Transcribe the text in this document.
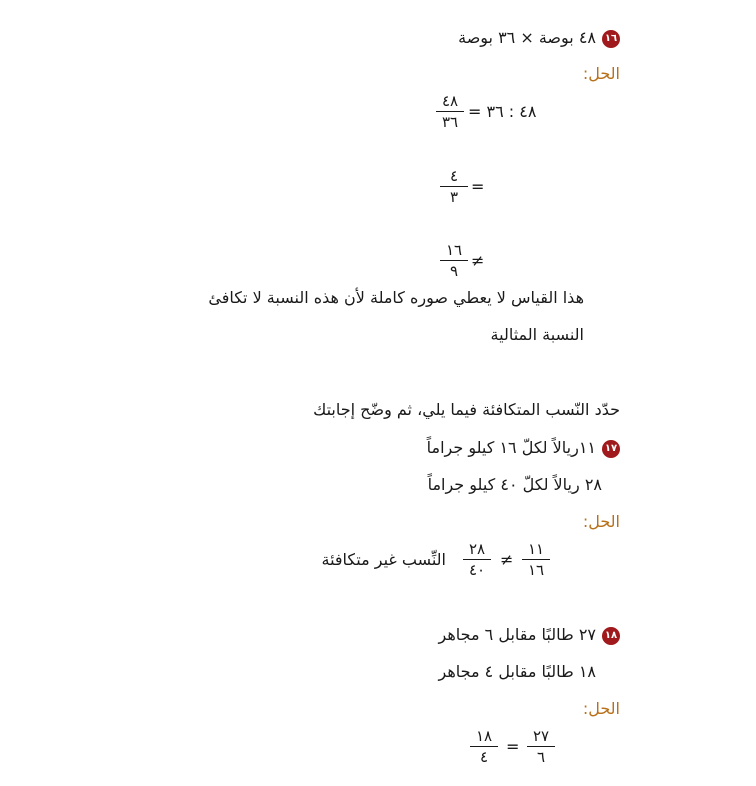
١٦٤٨ بوصة × ٣٦ بوصة
الحل:
٤٨
٣٦
٤٨ : ٣٦ =
٤
٣
=
١٦
٩
≠
هذا القياس لا يعطي صوره كاملة لأن هذه النسبة لا تكافئ
النسبة المثالية
حدّد النّسب المتكافئة فيما يلي، ثم وضّح إجابتك
١٧١١ريالاً لكلّ ١٦ كيلو جراماً
٢٨ ريالاً لكلّ ٤٠ كيلو جراماً
الحل:
١١
١٦
≠
٢٨
٤٠
النِّسب غير متكافئة
١٨٢٧ طالبًا مقابل ٦ مجاهر
١٨ طالبًا مقابل ٤ مجاهر
الحل:
٢٧
٦
=
١٨
٤
